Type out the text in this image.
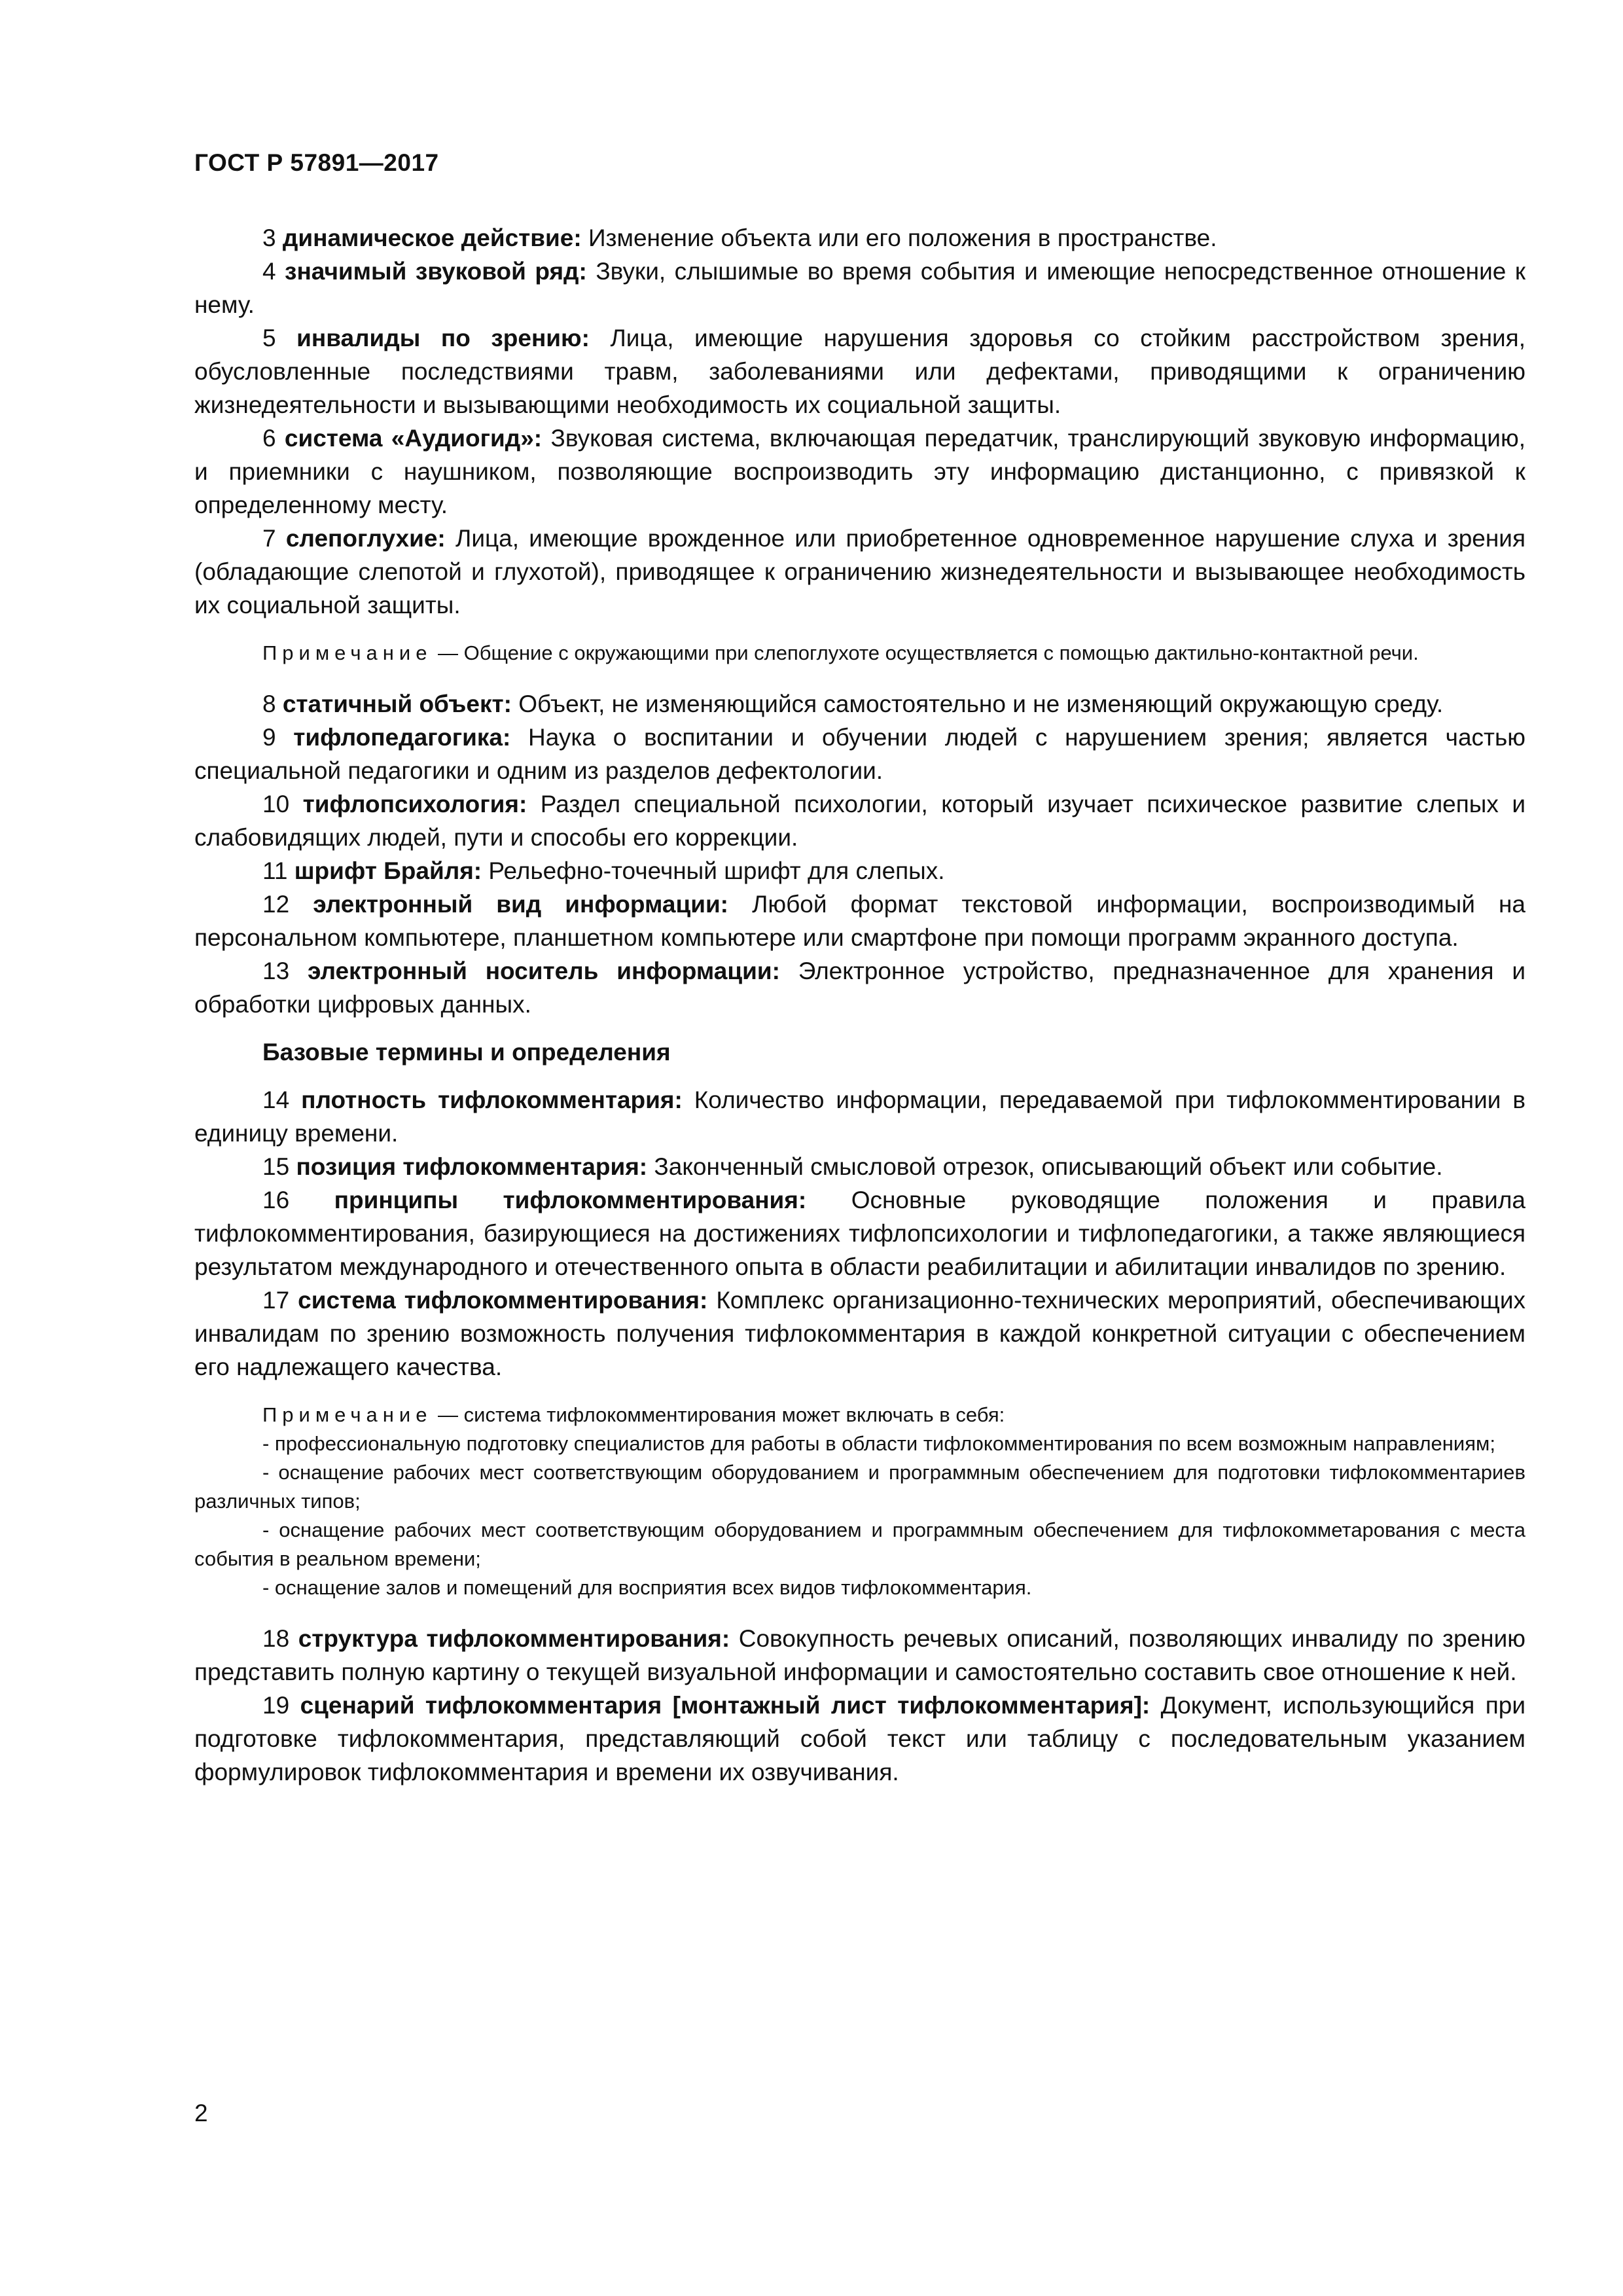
ГОСТ Р 57891—2017

3 динамическое действие: Изменение объекта или его положения в пространстве.

4 значимый звуковой ряд: Звуки, слышимые во время события и имеющие непосредственное отношение к нему.

5 инвалиды по зрению: Лица, имеющие нарушения здоровья со стойким расстройством зрения, обусловленные последствиями травм, заболеваниями или дефектами, приводящими к ограничению жизнедеятельности и вызывающими необходимость их социальной защиты.

6 система «Аудиогид»: Звуковая система, включающая передатчик, транслирующий звуковую информацию, и приемники с наушником, позволяющие воспроизводить эту информацию дистанционно, с привязкой к определенному месту.

7 слепоглухие: Лица, имеющие врожденное или приобретенное одновременное нарушение слуха и зрения (обладающие слепотой и глухотой), приводящее к ограничению жизнедеятельности и вызывающее необходимость их социальной защиты.

Примечание — Общение с окружающими при слепоглухоте осуществляется с помощью дактильно-контактной речи.

8 статичный объект: Объект, не изменяющийся самостоятельно и не изменяющий окружающую среду.

9 тифлопедагогика: Наука о воспитании и обучении людей с нарушением зрения; является частью специальной педагогики и одним из разделов дефектологии.

10 тифлопсихология: Раздел специальной психологии, который изучает психическое развитие слепых и слабовидящих людей, пути и способы его коррекции.

11 шрифт Брайля: Рельефно-точечный шрифт для слепых.

12 электронный вид информации: Любой формат текстовой информации, воспроизводимый на персональном компьютере, планшетном компьютере или смартфоне при помощи программ экранного доступа.

13 электронный носитель информации: Электронное устройство, предназначенное для хранения и обработки цифровых данных.

Базовые термины и определения

14 плотность тифлокомментария: Количество информации, передаваемой при тифлокомментировании в единицу времени.

15 позиция тифлокомментария: Законченный смысловой отрезок, описывающий объект или событие.

16 принципы тифлокомментирования: Основные руководящие положения и правила тифлокомментирования, базирующиеся на достижениях тифлопсихологии и тифлопедагогики, а также являющиеся результатом международного и отечественного опыта в области реабилитации и абилитации инвалидов по зрению.

17 система тифлокомментирования: Комплекс организационно-технических мероприятий, обеспечивающих инвалидам по зрению возможность получения тифлокомментария в каждой конкретной ситуации с обеспечением его надлежащего качества.

Примечание — система тифлокомментирования может включать в себя:

- профессиональную подготовку специалистов для работы в области тифлокомментирования по всем возможным направлениям;

- оснащение рабочих мест соответствующим оборудованием и программным обеспечением для подготовки тифлокомментариев различных типов;

- оснащение рабочих мест соответствующим оборудованием и программным обеспечением для тифлокомметарования с места события в реальном времени;

- оснащение залов и помещений для восприятия всех видов тифлокомментария.

18 структура тифлокомментирования: Совокупность речевых описаний, позволяющих инвалиду по зрению представить полную картину о текущей визуальной информации и самостоятельно составить свое отношение к ней.

19 сценарий тифлокомментария [монтажный лист тифлокомментария]: Документ, использующийся при подготовке тифлокомментария, представляющий собой текст или таблицу с последовательным указанием формулировок тифлокомментария и времени их озвучивания.

2
